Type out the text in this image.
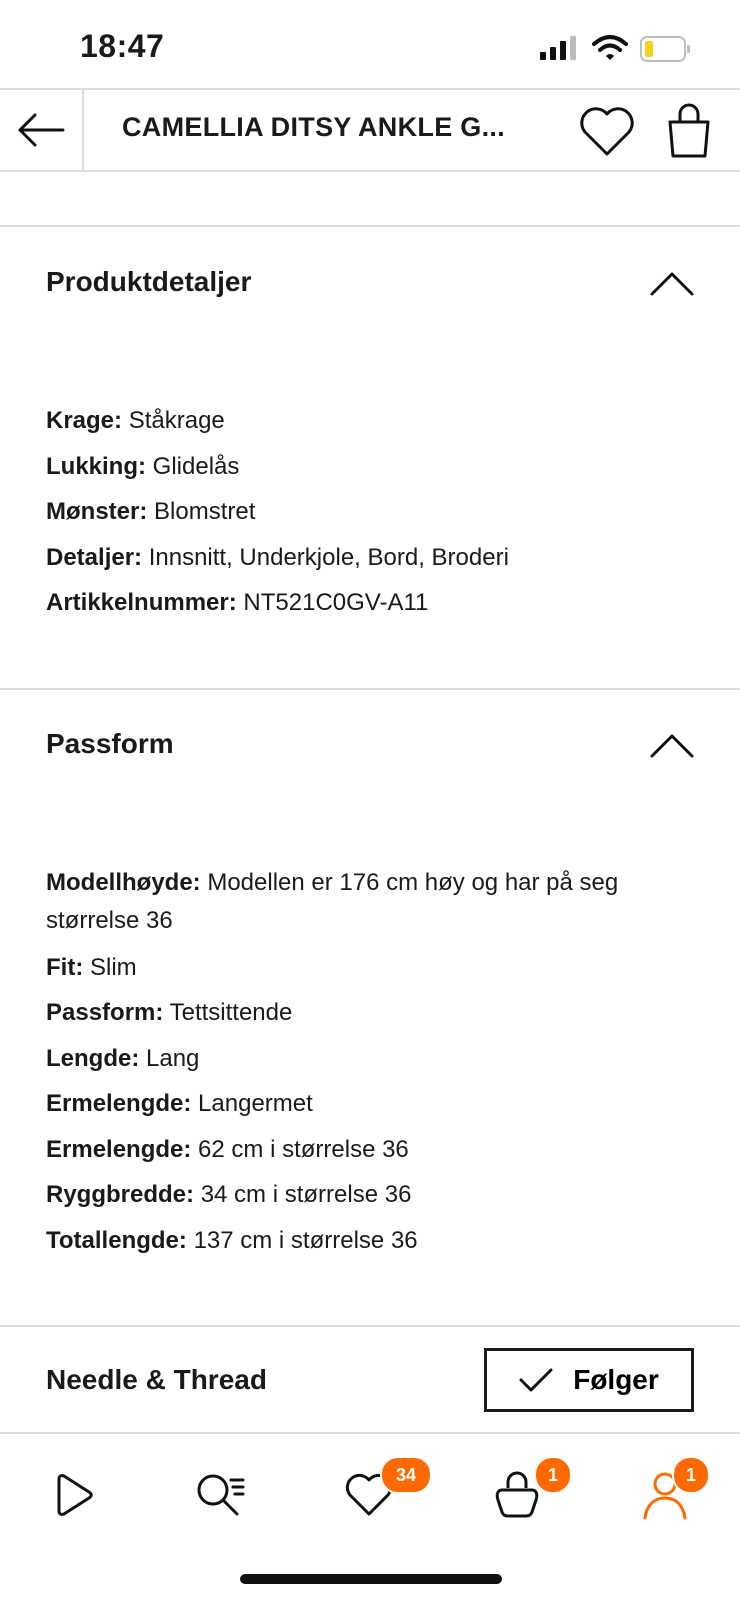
18:47
CAMELLIA DITSY ANKLE G...
Produktdetaljer
Krage: Ståkrage
Lukking: Glidelås
Mønster: Blomstret
Detaljer: Innsnitt, Underkjole, Bord, Broderi
Artikkelnummer: NT521C0GV-A11
Passform
Modellhøyde: Modellen er 176 cm høy og har på seg størrelse 36
Fit: Slim
Passform: Tettsittende
Lengde: Lang
Ermelengde: Langermet
Ermelengde: 62 cm i størrelse 36
Ryggbredde: 34 cm i størrelse 36
Totallengde: 137 cm i størrelse 36
Needle & Thread	Følger
34	1	1
